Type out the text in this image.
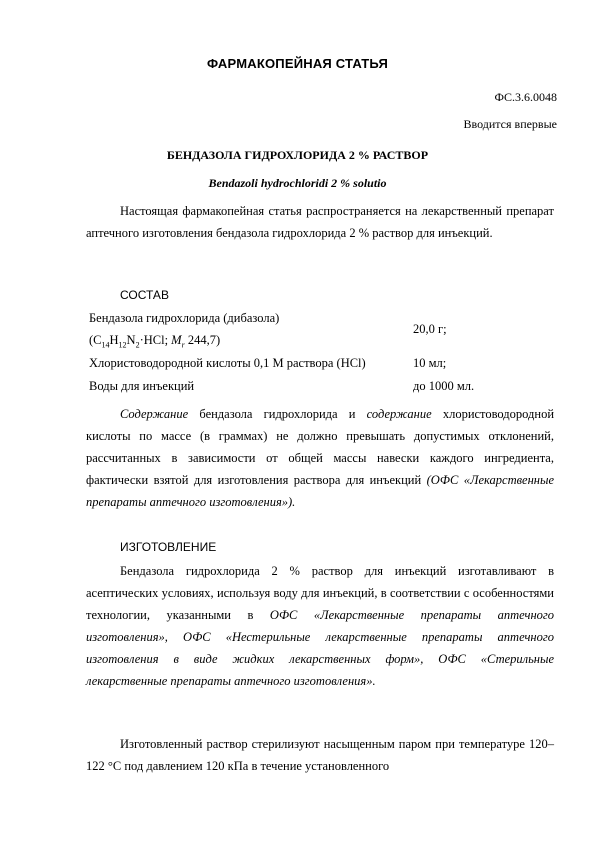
ФАРМАКОПЕЙНАЯ СТАТЬЯ
ФС.3.6.0048
Вводится впервые
БЕНДАЗОЛА ГИДРОХЛОРИДА 2 % РАСТВОР
Bendazoli hydrochloridi 2 % solutio
Настоящая фармакопейная статья распространяется на лекарственный препарат аптечного изготовления бендазола гидрохлорида 2 % раствор для инъекций.
СОСТАВ
Бендазола гидрохлорида (дибазола)
($C_{14}H_{12}N_2\cdot HCl$; $M_r$ 244,7)
20,0 г;
Хлористоводородной кислоты 0,1 М раствора (HCl)	10 мл;
Воды для инъекций	до 1000 мл.
Содержание бендазола гидрохлорида и содержание хлористоводородной кислоты по массе (в граммах) не должно превышать допустимых отклонений, рассчитанных в зависимости от общей массы навески каждого ингредиента, фактически взятой для изготовления раствора для инъекций (ОФС «Лекарственные препараты аптечного изготовления»).
ИЗГОТОВЛЕНИЕ
Бендазола гидрохлорида 2 % раствор для инъекций изготавливают в асептических условиях, используя воду для инъекций, в соответствии с особенностями технологии, указанными в ОФС «Лекарственные препараты аптечного изготовления», ОФС «Нестерильные лекарственные препараты аптечного изготовления в виде жидких лекарственных форм», ОФС «Стерильные лекарственные препараты аптечного изготовления».
Изготовленный раствор стерилизуют насыщенным паром при температуре 120–122 °С под давлением 120 кПа в течение установленного
